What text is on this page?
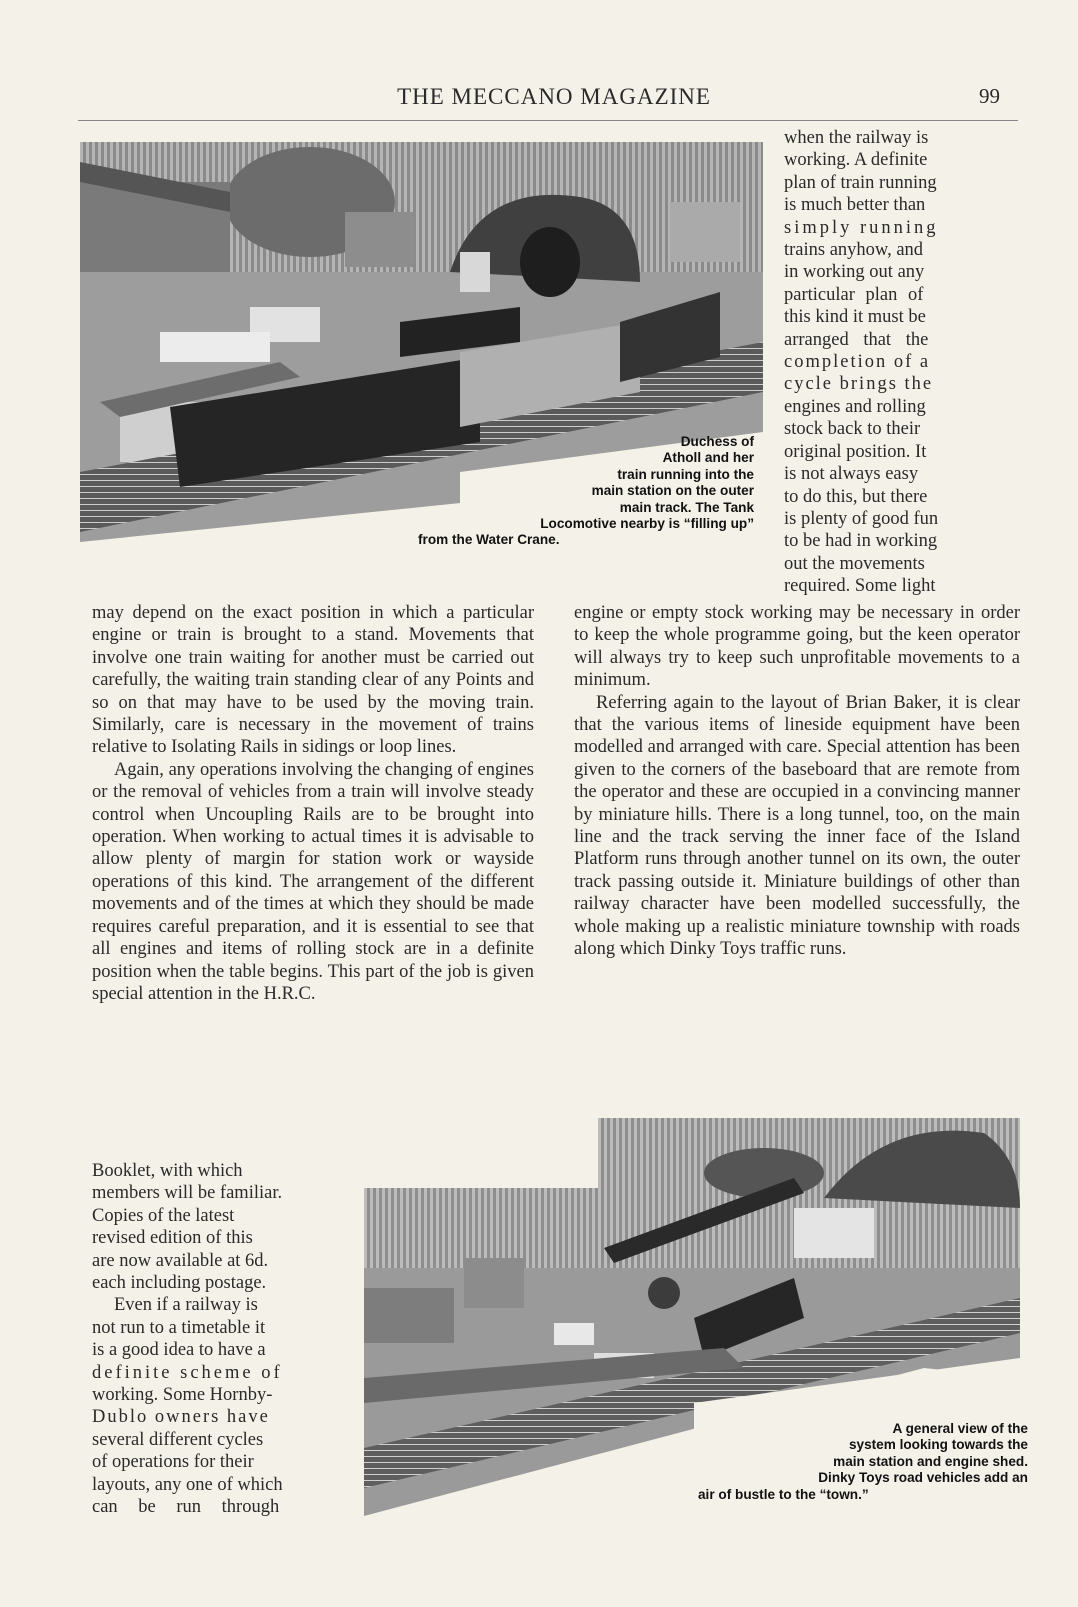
THE MECCANO MAGAZINE	99
Duchess of
Atholl and her
train running into the
main station on the outer
main track. The Tank
Locomotive nearby is “filling up”
from the Water Crane.

when the railway is

working. A definite

plan of train running

is much better than

simply running

trains anyhow, and

in working out any

particular plan of

this kind it must be

arranged that the

completion of a

cycle brings the

engines and rolling

stock back to their

original position. It

is not always easy

to do this, but there

is plenty of good fun

to be had in working

out the movements

required. Some light

may depend on the exact position in which a particular engine or train is brought to a stand. Movements that involve one train waiting for another must be carried out carefully, the waiting train standing clear of any Points and so on that may have to be used by the moving train. Similarly, care is necessary in the movement of trains relative to Isolating Rails in sidings or loop lines.

Again, any operations involving the changing of engines or the removal of vehicles from a train will involve steady control when Uncoupling Rails are to be brought into operation. When working to actual times it is advisable to allow plenty of margin for station work or wayside operations of this kind. The arrangement of the different movements and of the times at which they should be made requires careful preparation, and it is essential to see that all engines and items of rolling stock are in a definite position when the table begins. This part of the job is given special attention in the H.R.C.

Booklet, with which

members will be familiar.

Copies of the latest

revised edition of this

are now available at 6d.

each including postage.

Even if a railway is

not run to a timetable it

is a good idea to have a

definite scheme of

working. Some Hornby-

Dublo owners have

several different cycles

of operations for their

layouts, any one of which

can be run through

engine or empty stock working may be necessary in order to keep the whole programme going, but the keen operator will always try to keep such unprofitable movements to a minimum.

Referring again to the layout of Brian Baker, it is clear that the various items of lineside equipment have been modelled and arranged with care. Special attention has been given to the corners of the baseboard that are remote from the operator and these are occupied in a convincing manner by miniature hills. There is a long tunnel, too, on the main line and the track serving the inner face of the Island Platform runs through another tunnel on its own, the outer track passing outside it. Miniature buildings of other than railway character have been modelled successfully, the whole making up a realistic miniature township with roads along which Dinky Toys traffic runs.

A general view of the
system looking towards the
main station and engine shed.
Dinky Toys road vehicles add an
air of bustle to the “town.”
